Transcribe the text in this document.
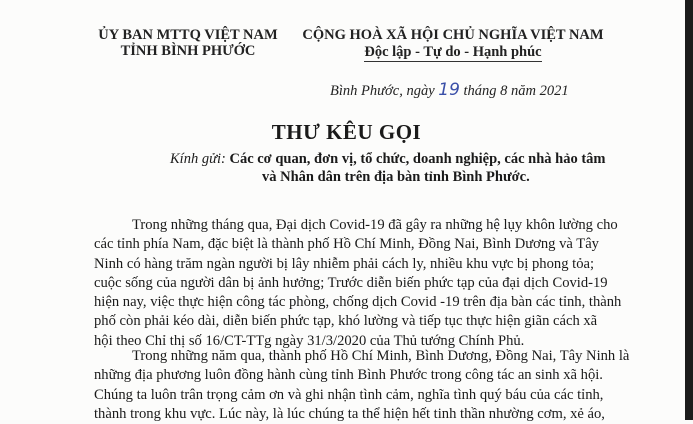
ỦY BAN MTTQ VIỆT NAM
TỈNH BÌNH PHƯỚC
CỘNG HOÀ XÃ HỘI CHỦ NGHĨA VIỆT NAM
Độc lập - Tự do - Hạnh phúc
Bình Phước, ngày 19 tháng 8 năm 2021
THƯ KÊU GỌI
Kính gửi: Các cơ quan, đơn vị, tổ chức, doanh nghiệp, các nhà hảo tâm
và Nhân dân trên địa bàn tỉnh Bình Phước.
Trong những tháng qua, Đại dịch Covid-19 đã gây ra những hệ lụy khôn lường cho
các tỉnh phía Nam, đặc biệt là thành phố Hồ Chí Minh, Đồng Nai, Bình Dương và Tây
Ninh có hàng trăm ngàn người bị lây nhiễm phải cách ly, nhiều khu vực bị phong tỏa;
cuộc sống của người dân bị ảnh hưởng; Trước diễn biến phức tạp của đại dịch Covid-19
hiện nay, việc thực hiện công tác phòng, chống dịch Covid -19 trên địa bàn các tỉnh, thành
phố còn phải kéo dài, diễn biến phức tạp, khó lường và tiếp tục thực hiện giãn cách xã
hội theo Chỉ thị số 16/CT-TTg ngày 31/3/2020 của Thủ tướng Chính Phủ.
Trong những năm qua, thành phố Hồ Chí Minh, Bình Dương, Đồng Nai, Tây Ninh là
những địa phương luôn đồng hành cùng tỉnh Bình Phước trong công tác an sinh xã hội.
Chúng ta luôn trân trọng cảm ơn và ghi nhận tình cảm, nghĩa tình quý báu của các tỉnh,
thành trong khu vực. Lúc này, là lúc chúng ta thể hiện hết tinh thần nhường cơm, xẻ áo,
